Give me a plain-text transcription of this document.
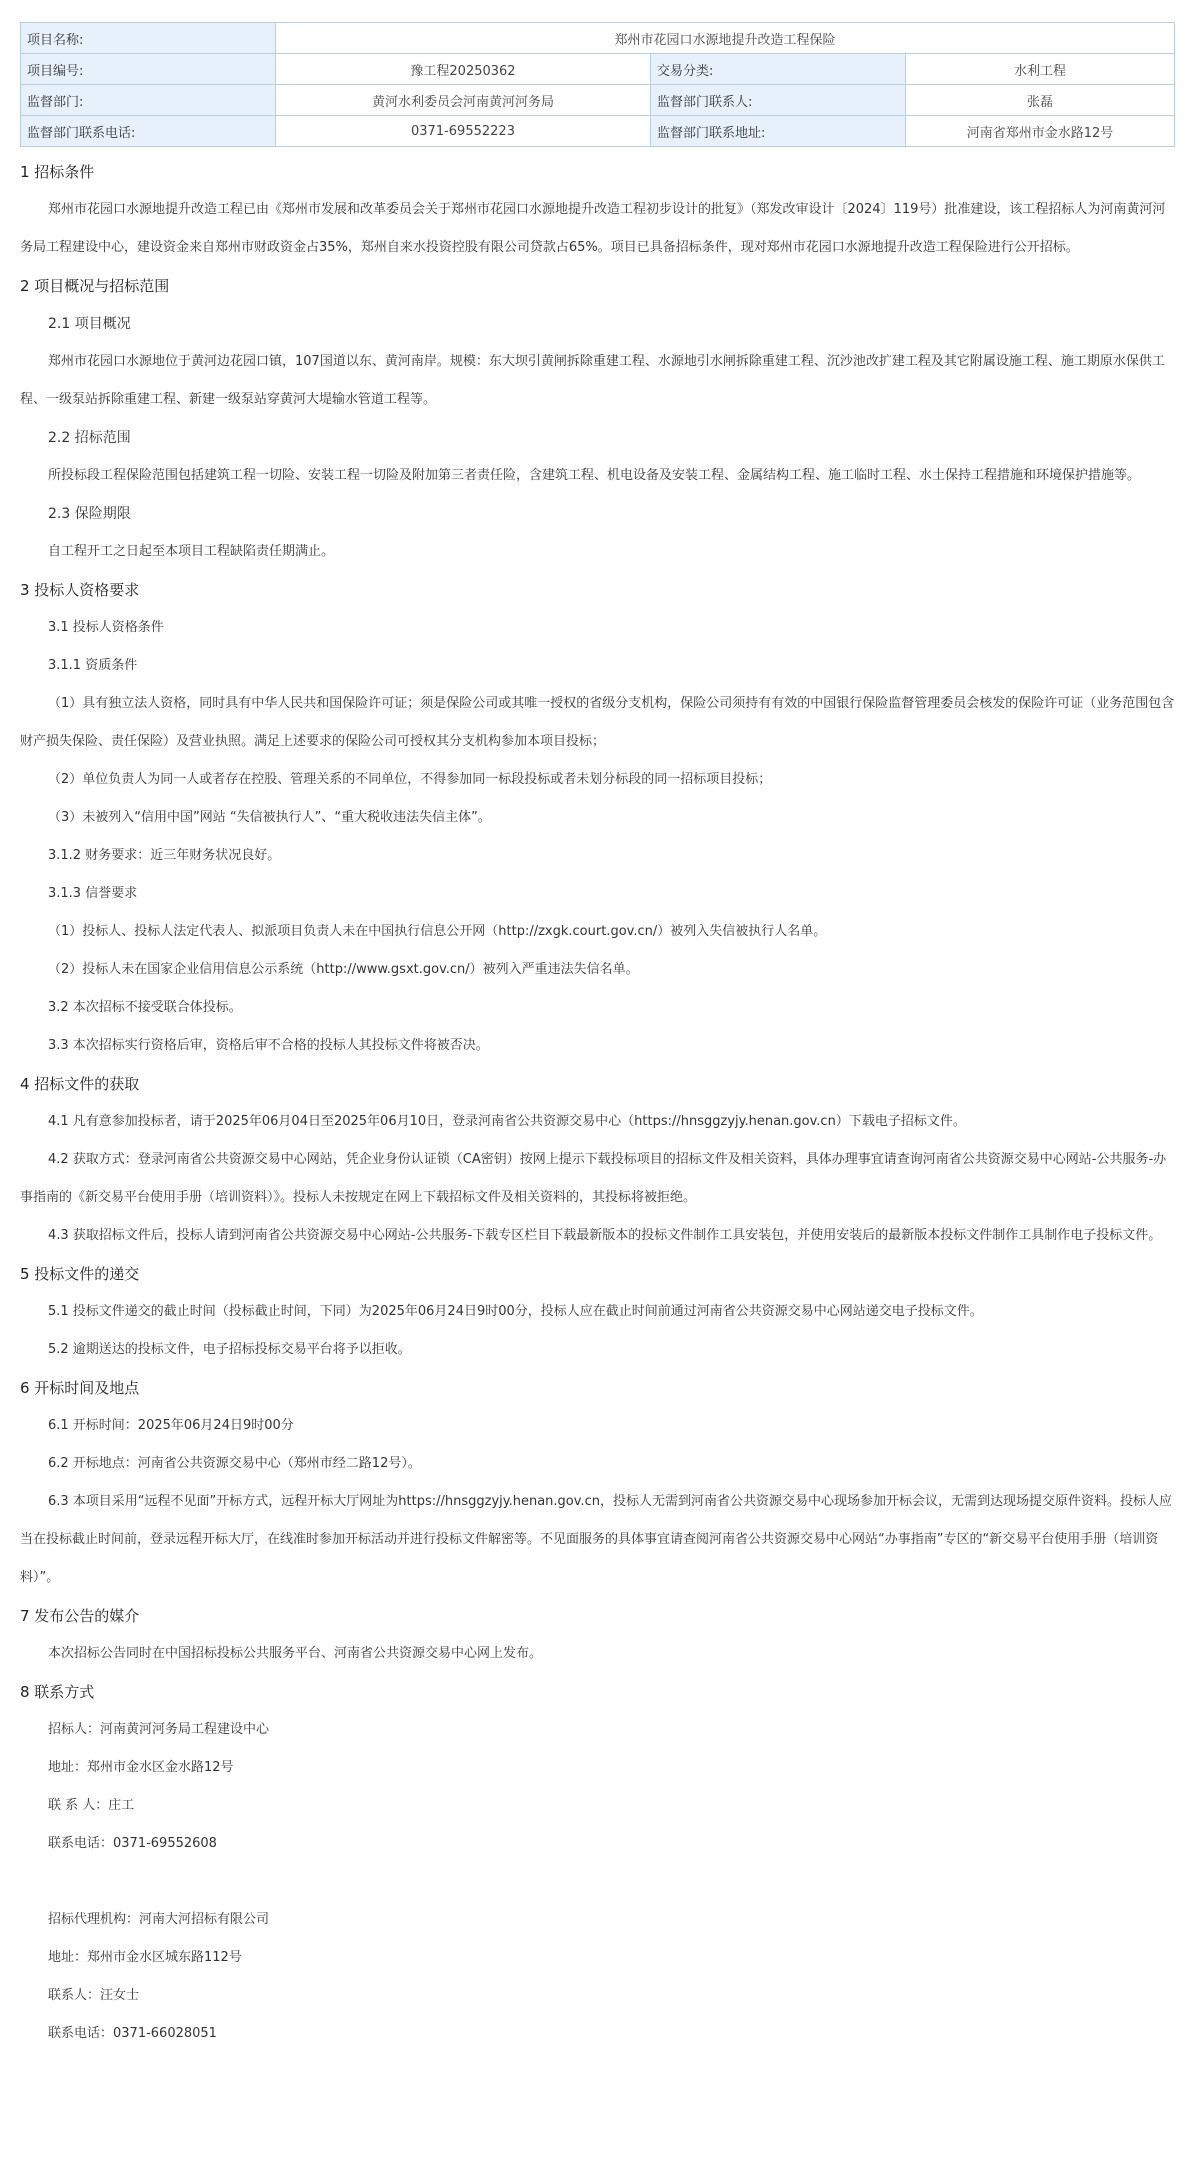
项目名称:	郑州市花园口水源地提升改造工程保险		
项目编号:	豫工程20250362	交易分类:	水利工程
监督部门:	黄河水利委员会河南黄河河务局	监督部门联系人:	张磊
监督部门联系电话:	0371-69552223	监督部门联系地址:	河南省郑州市金水路12号
1 招标条件

郑州市花园口水源地提升改造工程已由《郑州市发展和改革委员会关于郑州市花园口水源地提升改造工程初步设计的批复》（郑发改审设计〔2024〕119号）批准建设，该工程招标人为河南黄河河务局工程建设中心，建设资金来自郑州市财政资金占35%，郑州自来水投资控股有限公司贷款占65%。项目已具备招标条件，现对郑州市花园口水源地提升改造工程保险进行公开招标。

2 项目概况与招标范围

2.1 项目概况

郑州市花园口水源地位于黄河边花园口镇，107国道以东、黄河南岸。规模：东大坝引黄闸拆除重建工程、水源地引水闸拆除重建工程、沉沙池改扩建工程及其它附属设施工程、施工期原水保供工程、一级泵站拆除重建工程、新建一级泵站穿黄河大堤输水管道工程等。

2.2 招标范围

所投标段工程保险范围包括建筑工程一切险、安装工程一切险及附加第三者责任险，含建筑工程、机电设备及安装工程、金属结构工程、施工临时工程、水土保持工程措施和环境保护措施等。

2.3 保险期限

自工程开工之日起至本项目工程缺陷责任期满止。

3 投标人资格要求

3.1 投标人资格条件

3.1.1 资质条件

（1）具有独立法人资格，同时具有中华人民共和国保险许可证；须是保险公司或其唯一授权的省级分支机构，保险公司须持有有效的中国银行保险监督管理委员会核发的保险许可证（业务范围包含财产损失保险、责任保险）及营业执照。满足上述要求的保险公司可授权其分支机构参加本项目投标；

（2）单位负责人为同一人或者存在控股、管理关系的不同单位，不得参加同一标段投标或者未划分标段的同一招标项目投标；

（3）未被列入“信用中国”网站 “失信被执行人”、“重大税收违法失信主体”。

3.1.2 财务要求：近三年财务状况良好。

3.1.3 信誉要求

（1）投标人、投标人法定代表人、拟派项目负责人未在中国执行信息公开网（http://zxgk.court.gov.cn/）被列入失信被执行人名单。

（2）投标人未在国家企业信用信息公示系统（http://www.gsxt.gov.cn/）被列入严重违法失信名单。

3.2 本次招标不接受联合体投标。

3.3 本次招标实行资格后审，资格后审不合格的投标人其投标文件将被否决。

4 招标文件的获取

4.1 凡有意参加投标者，请于2025年06月04日至2025年06月10日，登录河南省公共资源交易中心（https://hnsggzyjy.henan.gov.cn）下载电子招标文件。

4.2 获取方式：登录河南省公共资源交易中心网站，凭企业身份认证锁（CA密钥）按网上提示下载投标项目的招标文件及相关资料，具体办理事宜请查询河南省公共资源交易中心网站-公共服务-办事指南的《新交易平台使用手册（培训资料）》。投标人未按规定在网上下载招标文件及相关资料的，其投标将被拒绝。

4.3 获取招标文件后，投标人请到河南省公共资源交易中心网站-公共服务-下载专区栏目下载最新版本的投标文件制作工具安装包，并使用安装后的最新版本投标文件制作工具制作电子投标文件。

5 投标文件的递交

5.1 投标文件递交的截止时间（投标截止时间，下同）为2025年06月24日9时00分，投标人应在截止时间前通过河南省公共资源交易中心网站递交电子投标文件。

5.2 逾期送达的投标文件，电子招标投标交易平台将予以拒收。

6 开标时间及地点

6.1 开标时间：2025年06月24日9时00分

6.2 开标地点：河南省公共资源交易中心（郑州市经二路12号）。

6.3 本项目采用“远程不见面”开标方式，远程开标大厅网址为https://hnsggzyjy.henan.gov.cn，投标人无需到河南省公共资源交易中心现场参加开标会议，无需到达现场提交原件资料。投标人应当在投标截止时间前，登录远程开标大厅，在线准时参加开标活动并进行投标文件解密等。不见面服务的具体事宜请查阅河南省公共资源交易中心网站“办事指南”专区的“新交易平台使用手册（培训资料）”。

7 发布公告的媒介

本次招标公告同时在中国招标投标公共服务平台、河南省公共资源交易中心网上发布。

8 联系方式

招标人：河南黄河河务局工程建设中心

地址：郑州市金水区金水路12号

联 系 人：庄工

联系电话：0371-69552608

招标代理机构：河南大河招标有限公司

地址：郑州市金水区城东路112号

联系人：汪女士

联系电话：0371-66028051
